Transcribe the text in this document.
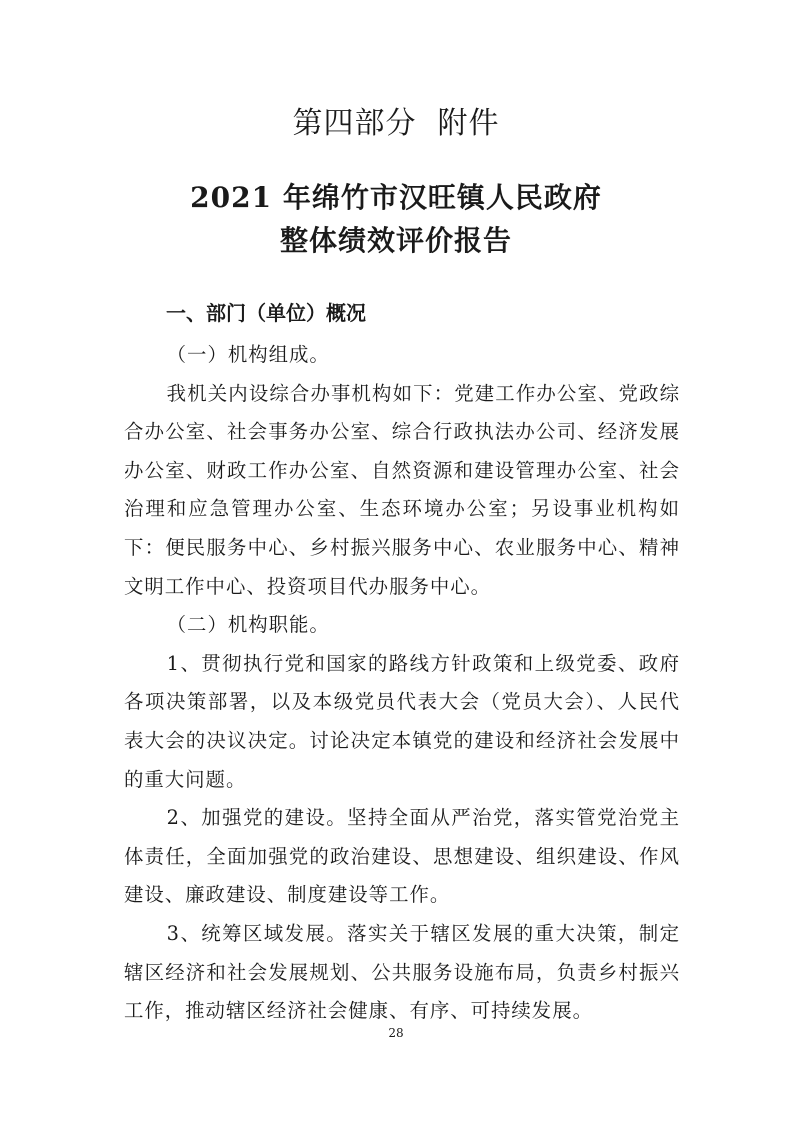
第四部分  附件
2021 年绵竹市汉旺镇人民政府
整体绩效评价报告
一、部门（单位）概况

（一）机构组成。

我机关内设综合办事机构如下：党建工作办公室、党政综合办公室、社会事务办公室、综合行政执法办公司、经济发展办公室、财政工作办公室、自然资源和建设管理办公室、社会治理和应急管理办公室、生态环境办公室；另设事业机构如下：便民服务中心、乡村振兴服务中心、农业服务中心、精神文明工作中心、投资项目代办服务中心。

（二）机构职能。

1、贯彻执行党和国家的路线方针政策和上级党委、政府各项决策部署，以及本级党员代表大会（党员大会）、人民代表大会的决议决定。讨论决定本镇党的建设和经济社会发展中的重大问题。

2、加强党的建设。坚持全面从严治党，落实管党治党主体责任，全面加强党的政治建设、思想建设、组织建设、作风建设、廉政建设、制度建设等工作。

3、统筹区域发展。落实关于辖区发展的重大决策，制定辖区经济和社会发展规划、公共服务设施布局，负责乡村振兴工作，推动辖区经济社会健康、有序、可持续发展。

28
